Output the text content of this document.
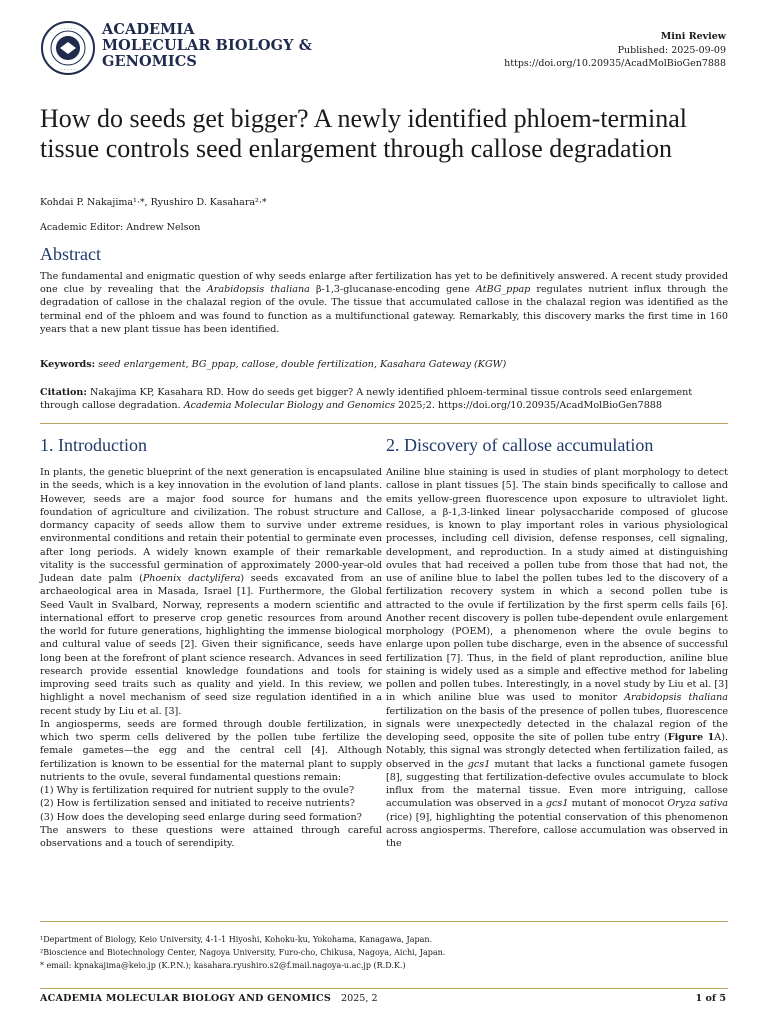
· · · · ·
· · · · ·
ACADEMIA
MOLECULAR BIOLOGY &
GENOMICS
Mini Review
Published: 2025-09-09
https://doi.org/10.20935/AcadMolBioGen7888
How do seeds get bigger? A newly identified phloem-terminal tissue controls seed enlargement through callose degradation
Kohdai P. Nakajima¹·*, Ryushiro D. Kasahara²·*
Academic Editor: Andrew Nelson
Abstract

The fundamental and enigmatic question of why seeds enlarge after fertilization has yet to be definitively answered. A recent study provided one clue by revealing that the Arabidopsis thaliana β-1,3-glucanase-encoding gene AtBG_ppap regulates nutrient influx through the degradation of callose in the chalazal region of the ovule. The tissue that accumulated callose in the chalazal region was identified as the terminal end of the phloem and was found to function as a multifunctional gateway. Remarkably, this discovery marks the first time in 160 years that a new plant tissue has been identified.

Keywords: seed enlargement, BG_ppap, callose, double fertilization, Kasahara Gateway (KGW)

Citation: Nakajima KP, Kasahara RD. How do seeds get bigger? A newly identified phloem-terminal tissue controls seed enlargement through callose degradation. Academia Molecular Biology and Genomics 2025;2. https://doi.org/10.20935/AcadMolBioGen7888

1. Introduction

In plants, the genetic blueprint of the next generation is encapsulated in the seeds, which is a key innovation in the evolution of land plants. However, seeds are a major food source for humans and the foundation of agriculture and civilization. The robust structure and dormancy capacity of seeds allow them to survive under extreme environmental conditions and retain their potential to germinate even after long periods. A widely known example of their remarkable vitality is the successful germination of approximately 2000-year-old Judean date palm (Phoenix dactylifera) seeds excavated from an archaeological area in Masada, Israel [1]. Furthermore, the Global Seed Vault in Svalbard, Norway, represents a modern scientific and international effort to preserve crop genetic resources from around the world for future generations, highlighting the immense biological and cultural value of seeds [2]. Given their significance, seeds have long been at the forefront of plant science research. Advances in seed research provide essential knowledge foundations and tools for improving seed traits such as quality and yield. In this review, we highlight a novel mechanism of seed size regulation identified in a recent study by Liu et al. [3].

In angiosperms, seeds are formed through double fertilization, in which two sperm cells delivered by the pollen tube fertilize the female gametes—the egg and the central cell [4]. Although fertilization is known to be essential for the maternal plant to supply nutrients to the ovule, several fundamental questions remain:

(1) Why is fertilization required for nutrient supply to the ovule?

(2) How is fertilization sensed and initiated to receive nutrients?

(3) How does the developing seed enlarge during seed formation?

The answers to these questions were attained through careful observations and a touch of serendipity.

2. Discovery of callose accumulation

Aniline blue staining is used in studies of plant morphology to detect callose in plant tissues [5]. The stain binds specifically to callose and emits yellow-green fluorescence upon exposure to ultraviolet light. Callose, a β-1,3-linked linear polysaccharide composed of glucose residues, is known to play important roles in various physiological processes, including cell division, defense responses, cell signaling, development, and reproduction. In a study aimed at distinguishing ovules that had received a pollen tube from those that had not, the use of aniline blue to label the pollen tubes led to the discovery of a fertilization recovery system in which a second pollen tube is attracted to the ovule if fertilization by the first sperm cells fails [6]. Another recent discovery is pollen tube-dependent ovule enlargement morphology (POEM), a phenomenon where the ovule begins to enlarge upon pollen tube discharge, even in the absence of successful fertilization [7]. Thus, in the field of plant reproduction, aniline blue staining is widely used as a simple and effective method for labeling pollen and pollen tubes. Interestingly, in a novel study by Liu et al. [3] in which aniline blue was used to monitor Arabidopsis thaliana fertilization on the basis of the presence of pollen tubes, fluorescence signals were unexpectedly detected in the chalazal region of the developing seed, opposite the site of pollen tube entry (Figure 1A). Notably, this signal was strongly detected when fertilization failed, as observed in the gcs1 mutant that lacks a functional gamete fusogen [8], suggesting that fertilization-defective ovules accumulate to block influx from the maternal tissue. Even more intriguing, callose accumulation was observed in a gcs1 mutant of monocot Oryza sativa (rice) [9], highlighting the potential conservation of this phenomenon across angiosperms. Therefore, callose accumulation was observed in the

¹Department of Biology, Keio University, 4-1-1 Hiyoshi, Kohoku-ku, Yokohama, Kanagawa, Japan.
²Bioscience and Biotechnology Center, Nagoya University, Furo-cho, Chikusa, Nagoya, Aichi, Japan.
* email: kpnakajima@keio.jp (K.P.N.); kasahara.ryushiro.s2@f.mail.nagoya-u.ac.jp (R.D.K.)
ACADEMIA MOLECULAR BIOLOGY AND GENOMICS 2025, 2	1 of 5
